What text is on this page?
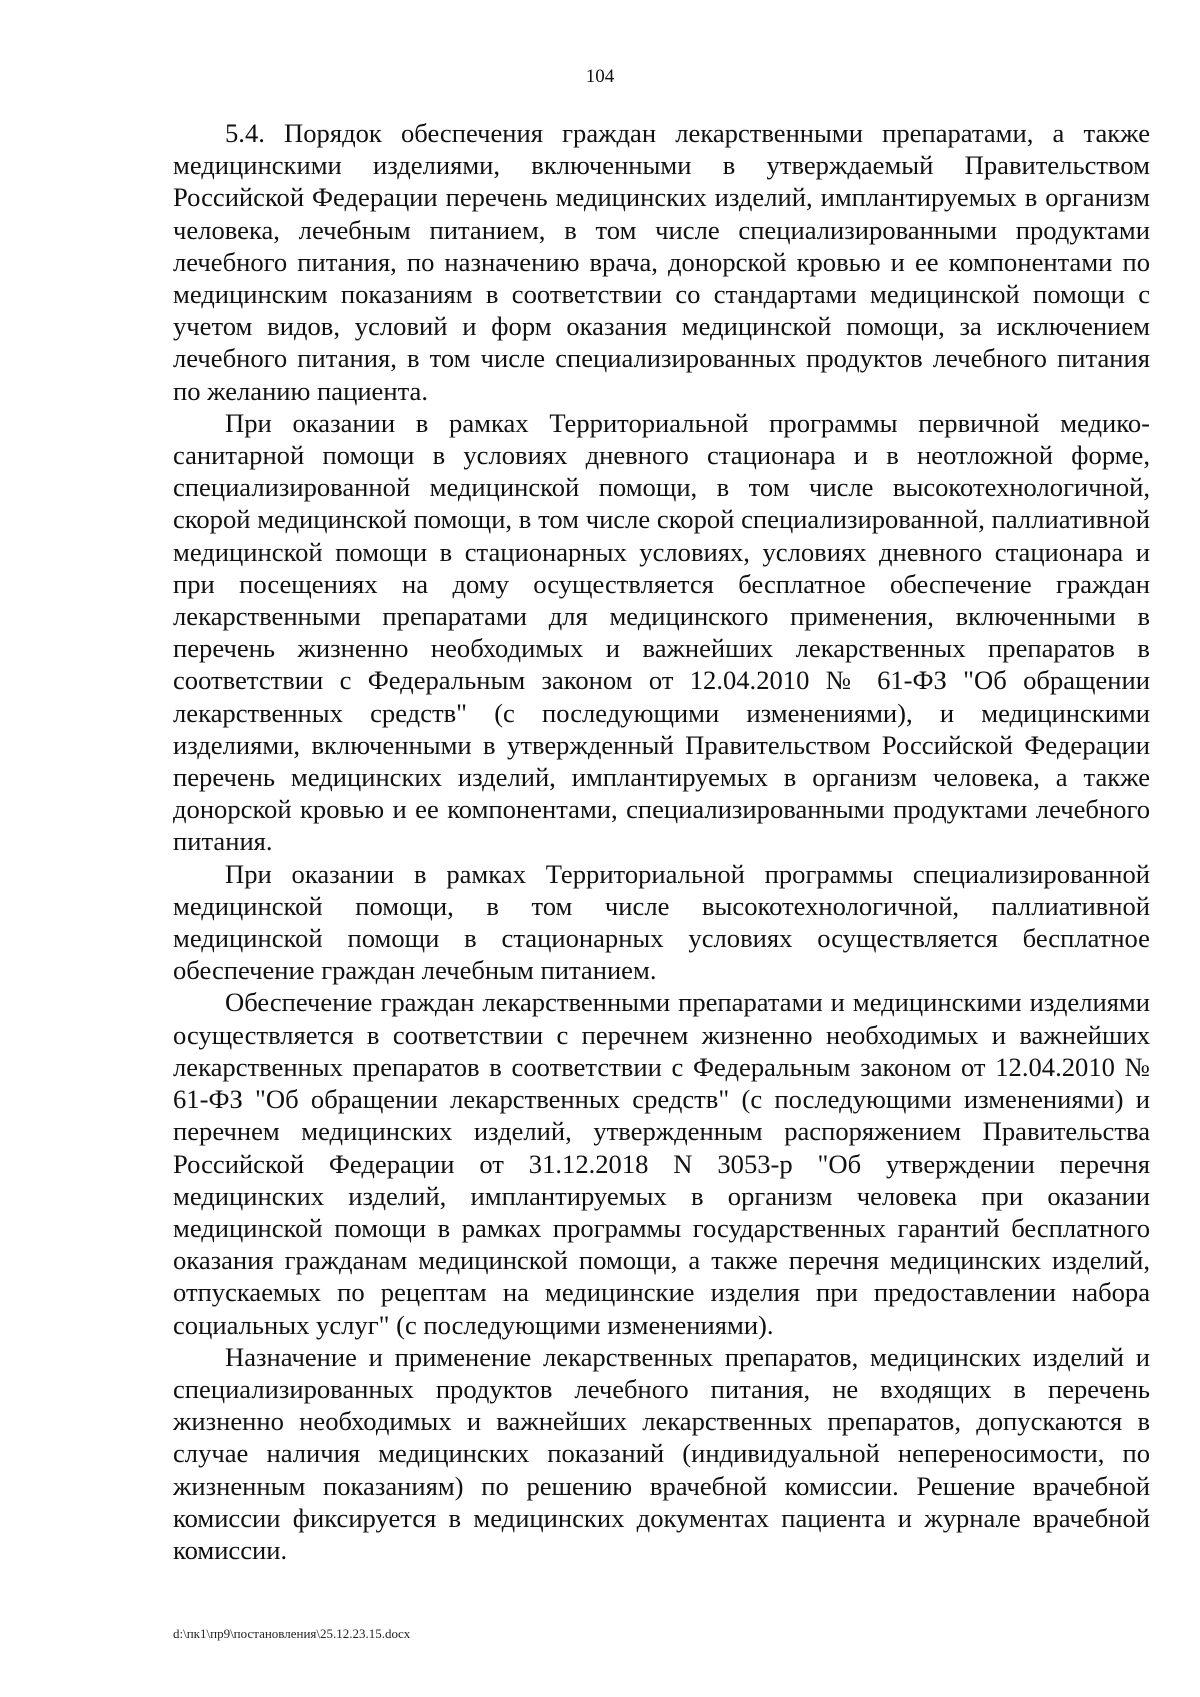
104

5.4. Порядок обеспечения граждан лекарственными препаратами, а также медицинскими изделиями, включенными в утверждаемый Правительством Российской Федерации перечень медицинских изделий, имплантируемых в организм человека, лечебным питанием, в том числе специализированными продуктами лечебного питания, по назначению врача, донорской кровью и ее компонентами по медицинским показаниям в соответствии со стандартами медицинской помощи с учетом видов, условий и форм оказания медицинской помощи, за исключением лечебного питания, в том числе специализированных продуктов лечебного питания по желанию пациента.

При оказании в рамках Территориальной программы первичной медико-санитарной помощи в условиях дневного стационара и в неотложной форме, специализированной медицинской помощи, в том числе высокотехнологичной, скорой медицинской помощи, в том числе скорой специализированной, паллиативной медицинской помощи в стационарных условиях, условиях дневного стационара и при посещениях на дому осуществляется бесплатное обеспечение граждан лекарственными препаратами для медицинского применения, включенными в перечень жизненно необходимых и важнейших лекарственных препаратов в соответствии с Федеральным законом от 12.04.2010 № 61-ФЗ "Об обращении лекарственных средств" (с последующими изменениями), и медицинскими изделиями, включенными в утвержденный Правительством Российской Федерации перечень медицинских изделий, имплантируемых в организм человека, а также донорской кровью и ее компонентами, специализированными продуктами лечебного питания.

При оказании в рамках Территориальной программы специализированной медицинской помощи, в том числе высокотехнологичной, паллиативной медицинской помощи в стационарных условиях осуществляется бесплатное обеспечение граждан лечебным питанием.

Обеспечение граждан лекарственными препаратами и медицинскими изделиями осуществляется в соответствии с перечнем жизненно необходимых и важнейших лекарственных препаратов в соответствии с Федеральным законом от 12.04.2010 № 61-ФЗ "Об обращении лекарственных средств" (с последующими изменениями) и перечнем медицинских изделий, утвержденным распоряжением Правительства Российской Федерации от 31.12.2018 N 3053-р "Об утверждении перечня медицинских изделий, имплантируемых в организм человека при оказании медицинской помощи в рамках программы государственных гарантий бесплатного оказания гражданам медицинской помощи, а также перечня медицинских изделий, отпускаемых по рецептам на медицинские изделия при предоставлении набора социальных услуг" (с последующими изменениями).

Назначение и применение лекарственных препаратов, медицинских изделий и специализированных продуктов лечебного питания, не входящих в перечень жизненно необходимых и важнейших лекарственных препаратов, допускаются в случае наличия медицинских показаний (индивидуальной непереносимости, по жизненным показаниям) по решению врачебной комиссии. Решение врачебной комиссии фиксируется в медицинских документах пациента и журнале врачебной комиссии.

d:\пк1\пр9\постановления\25.12.23.15.docx
